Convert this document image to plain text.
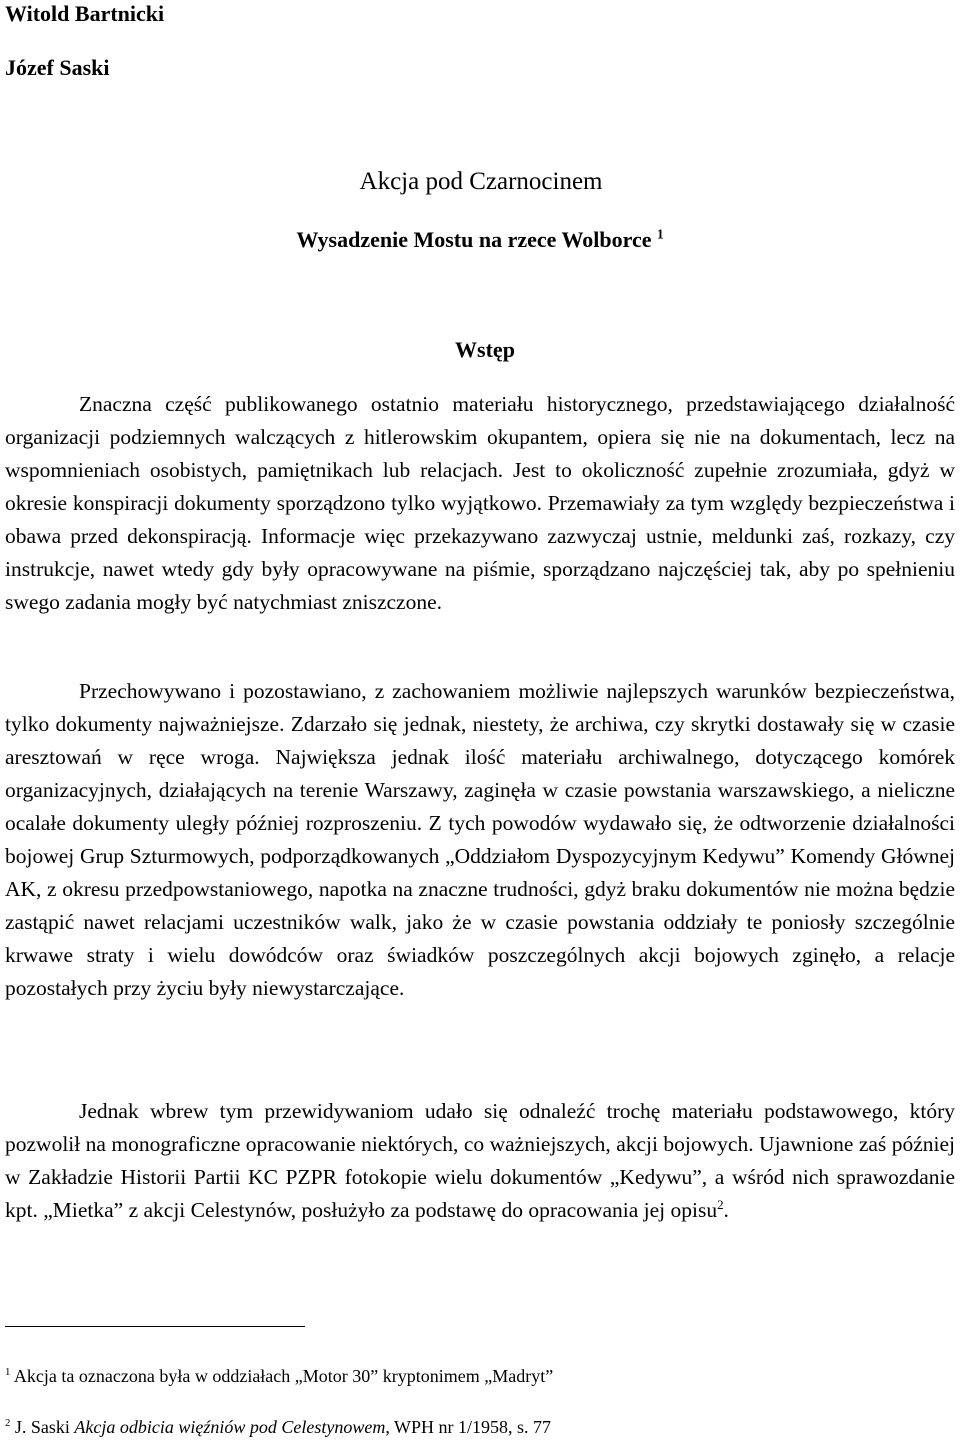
Witold Bartnicki

Józef Saski

Akcja pod Czarnocinem
Wysadzenie Mostu na rzece Wolborce $^1$
Wstęp

Znaczna część publikowanego ostatnio materiału historycznego, przedstawiającego działalność organizacji podziemnych walczących z hitlerowskim okupantem, opiera się nie na dokumentach, lecz na wspomnieniach osobistych, pamiętnikach lub relacjach. Jest to okoliczność zupełnie zrozumiała, gdyż w okresie konspiracji dokumenty sporządzono tylko wyjątkowo. Przemawiały za tym względy bezpieczeństwa i obawa przed dekonspiracją. Informacje więc przekazywano zazwyczaj ustnie, meldunki zaś, rozkazy, czy instrukcje, nawet wtedy gdy były opracowywane na piśmie, sporządzano najczęściej tak, aby po spełnieniu swego zadania mogły być natychmiast zniszczone.

Przechowywano i pozostawiano, z zachowaniem możliwie najlepszych warunków bezpieczeństwa, tylko dokumenty najważniejsze. Zdarzało się jednak, niestety, że archiwa, czy skrytki dostawały się w czasie aresztowań w ręce wroga. Największa jednak ilość materiału archiwalnego, dotyczącego komórek organizacyjnych, działających na terenie Warszawy, zaginęła w czasie powstania warszawskiego, a nieliczne ocalałe dokumenty uległy później rozproszeniu. Z tych powodów wydawało się, że odtworzenie działalności bojowej Grup Szturmowych, podporządkowanych „Oddziałom Dyspozycyjnym Kedywu” Komendy Głównej AK, z okresu przedpowstaniowego, napotka na znaczne trudności, gdyż braku dokumentów nie można będzie zastąpić nawet relacjami uczestników walk, jako że w czasie powstania oddziały te poniosły szczególnie krwawe straty i wielu dowódców oraz świadków poszczególnych akcji bojowych zginęło, a relacje pozostałych przy życiu były niewystarczające.

Jednak wbrew tym przewidywaniom udało się odnaleźć trochę materiału podstawowego, który pozwolił na monograficzne opracowanie niektórych, co ważniejszych, akcji bojowych. Ujawnione zaś później w Zakładzie Historii Partii KC PZPR fotokopie wielu dokumentów „Kedywu”, a wśród nich sprawozdanie kpt. „Mietka” z akcji Celestynów, posłużyło za podstawę do opracowania jej opisu$^2$.

$^1$ Akcja ta oznaczona była w oddziałach „Motor 30” kryptonimem „Madryt”

$^2$ J. Saski Akcja odbicia więźniów pod Celestynowem, WPH nr 1/1958, s. 77
